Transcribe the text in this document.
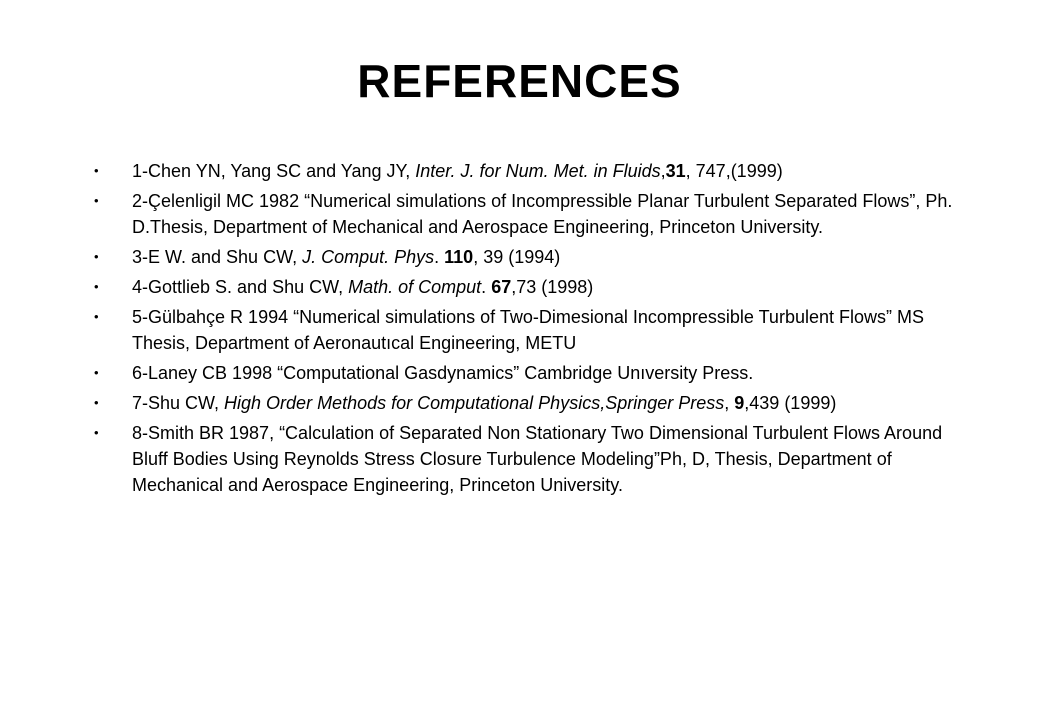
REFERENCES
• 1-Chen YN, Yang SC and Yang JY, Inter. J. for Num. Met. in Fluids,31, 747,(1999)
• 2-Çelenligil MC 1982 “Numerical simulations of Incompressible Planar Turbulent Separated Flows”, Ph. D.Thesis, Department of Mechanical and Aerospace Engineering, Princeton University.
• 3-E W. and Shu CW, J. Comput. Phys. 110, 39 (1994)
• 4-Gottlieb S. and Shu CW, Math. of Comput. 67,73 (1998)
• 5-Gülbahçe R 1994 “Numerical simulations of Two-Dimesional Incompressible Turbulent Flows” MS Thesis, Department of Aeronautıcal Engineering, METU
• 6-Laney CB 1998 “Computational Gasdynamics” Cambridge Unıversity Press.
• 7-Shu CW, High Order Methods for Computational Physics,Springer Press, 9,439 (1999)
• 8-Smith BR 1987, “Calculation of Separated Non Stationary Two Dimensional Turbulent Flows Around Bluff Bodies Using Reynolds Stress Closure Turbulence Modeling”Ph, D, Thesis, Department of Mechanical and Aerospace Engineering, Princeton University.
